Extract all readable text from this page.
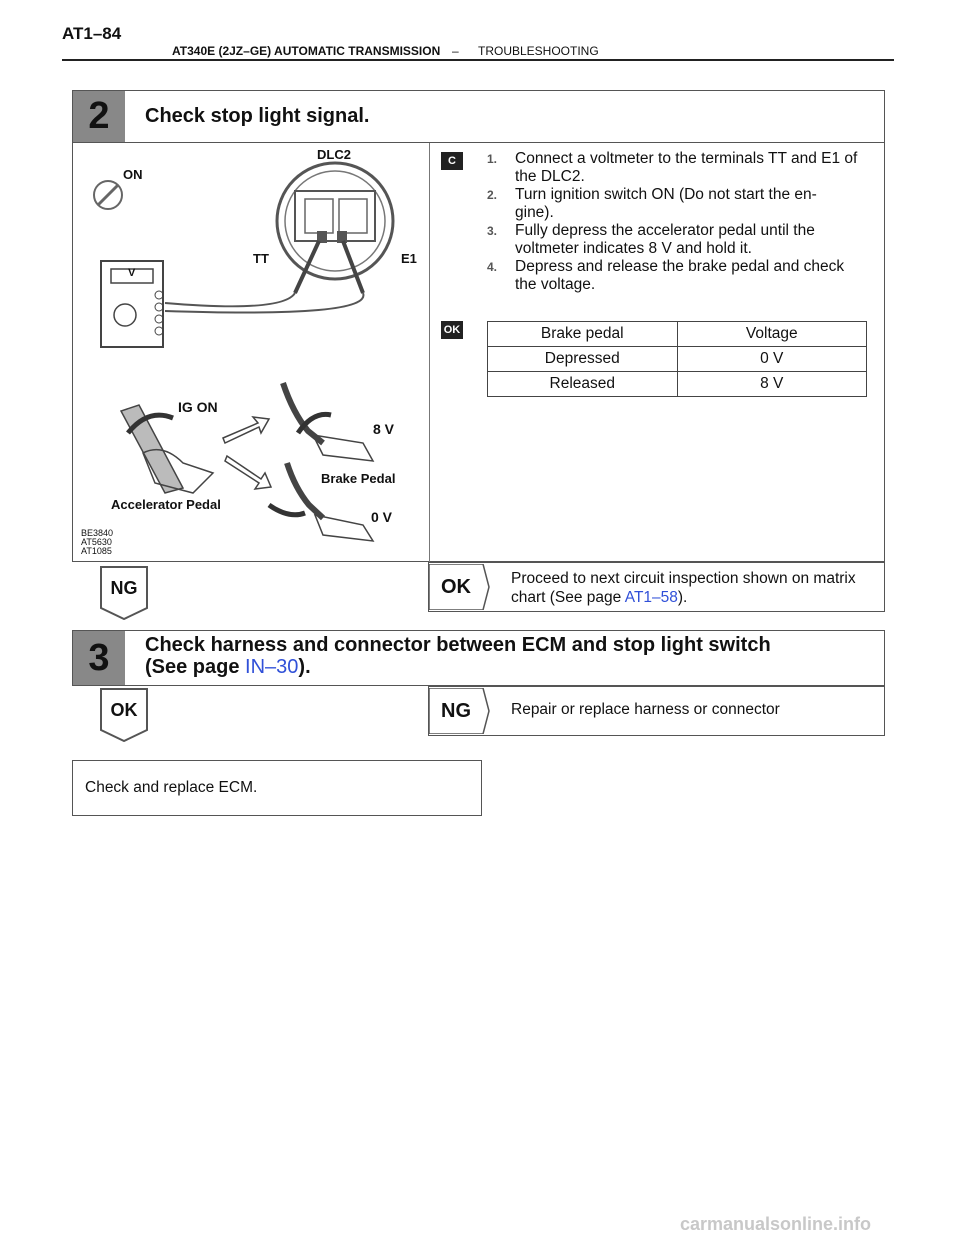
AT1–84
AT340E (2JZ–GE) AUTOMATIC TRANSMISSION – TROUBLESHOOTING
2	Check stop light signal.
ON
DLC2
TT	E1
V
IG ON
8 V
Brake Pedal
0 V
Accelerator Pedal
BE3840
AT5630
AT1085
C	1. Connect a voltmeter to the terminals TT and E1 of the DLC2.
2. Turn ignition switch ON (Do not start the en- gine).
3. Fully depress the accelerator pedal until the voltmeter indicates 8 V and hold it.
4. Depress and release the brake pedal and check the voltage.
OK	Brake pedal	Voltage
Depressed	0 V
Released	8 V
NG	OK	Proceed to next circuit inspection shown on matrix chart (See page AT1–58).
3	Check harness and connector between ECM and stop light switch
(See page IN–30).
OK	NG	Repair or replace harness or connector
Check and replace ECM.
carmanualsonline.info
